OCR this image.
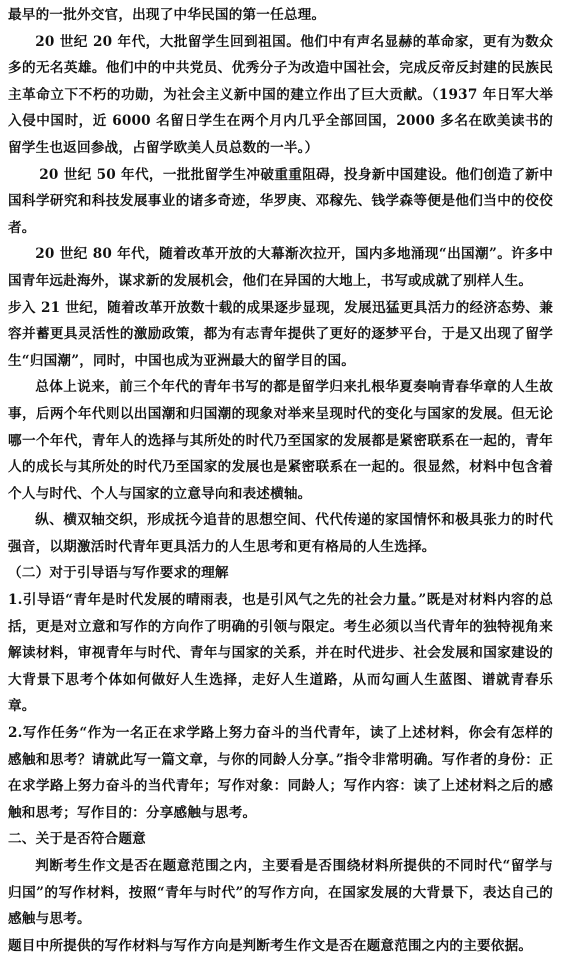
最早的一批外交官，出现了中华民国的第一任总理。

20 世纪 20 年代，大批留学生回到祖国。他们中有声名显赫的革命家，更有为数众多的无名英雄。他们中的中共党员、优秀分子为改造中国社会，完成反帝反封建的民族民主革命立下不朽的功勋，为社会主义新中国的建立作出了巨大贡献。（1937 年日军大举入侵中国时，近 6000 名留日学生在两个月内几乎全部回国，2000 多名在欧美读书的留学生也返回参战，占留学欧美人员总数的一半。）

20 世纪 50 年代，一批批留学生冲破重重阻碍，投身新中国建设。他们创造了新中国科学研究和科技发展事业的诸多奇迹，华罗庚、邓稼先、钱学森等便是他们当中的佼佼者。

20 世纪 80 年代，随着改革开放的大幕渐次拉开，国内多地涌现“出国潮”。许多中国青年远赴海外，谋求新的发展机会，他们在异国的大地上，书写或成就了别样人生。

步入 21 世纪，随着改革开放数十载的成果逐步显现，发展迅猛更具活力的经济态势、兼容并蓄更具灵活性的激励政策，都为有志青年提供了更好的逐梦平台，于是又出现了留学生“归国潮”，同时，中国也成为亚洲最大的留学目的国。

总体上说来，前三个年代的青年书写的都是留学归来扎根华夏奏响青春华章的人生故事，后两个年代则以出国潮和归国潮的现象对举来呈现时代的变化与国家的发展。但无论哪一个年代，青年人的选择与其所处的时代乃至国家的发展都是紧密联系在一起的，青年人的成长与其所处的时代乃至国家的发展也是紧密联系在一起的。很显然，材料中包含着个人与时代、个人与国家的立意导向和表述横轴。

纵、横双轴交织，形成抚今追昔的思想空间、代代传递的家国情怀和极具张力的时代强音，以期激活时代青年更具活力的人生思考和更有格局的人生选择。

（二）对于引导语与写作要求的理解

1.引导语“青年是时代发展的晴雨表，也是引风气之先的社会力量。”既是对材料内容的总括，更是对立意和写作的方向作了明确的引领与限定。考生必须以当代青年的独特视角来解读材料，审视青年与时代、青年与国家的关系，并在时代进步、社会发展和国家建设的大背景下思考个体如何做好人生选择，走好人生道路，从而勾画人生蓝图、谱就青春乐章。

2.写作任务“作为一名正在求学路上努力奋斗的当代青年，读了上述材料，你会有怎样的感触和思考？请就此写一篇文章，与你的同龄人分享。”指令非常明确。写作者的身份：正在求学路上努力奋斗的当代青年；写作对象：同龄人；写作内容：读了上述材料之后的感触和思考；写作目的：分享感触与思考。

二、关于是否符合题意

判断考生作文是否在题意范围之内，主要看是否围绕材料所提供的不同时代“留学与归国”的写作材料，按照“青年与时代”的写作方向，在国家发展的大背景下，表达自己的感触与思考。

题目中所提供的写作材料与写作方向是判断考生作文是否在题意范围之内的主要依据。
